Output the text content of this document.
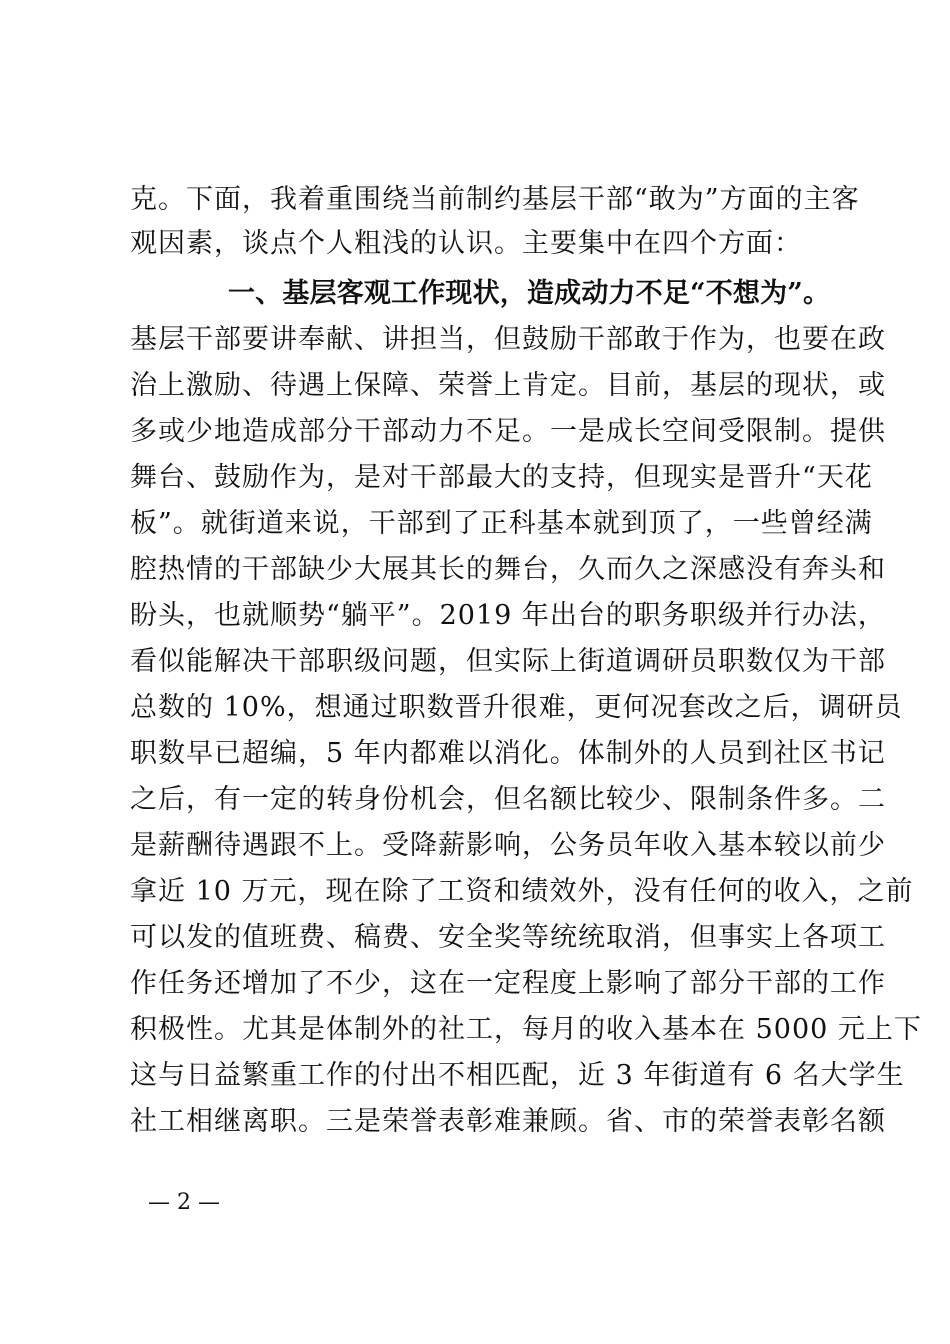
克。下面，我着重围绕当前制约基层干部“敢为”方面的主客
观因素，谈点个人粗浅的认识。主要集中在四个方面：
一、基层客观工作现状，造成动力不足“不想为”。
基层干部要讲奉献、讲担当，但鼓励干部敢于作为，也要在政
治上激励、待遇上保障、荣誉上肯定。目前，基层的现状，或
多或少地造成部分干部动力不足。一是成长空间受限制。提供
舞台、鼓励作为，是对干部最大的支持，但现实是晋升“天花
板”。就街道来说，干部到了正科基本就到顶了，一些曾经满
腔热情的干部缺少大展其长的舞台，久而久之深感没有奔头和
盼头，也就顺势“躺平”。2019 年出台的职务职级并行办法，
看似能解决干部职级问题，但实际上街道调研员职数仅为干部
总数的 10%，想通过职数晋升很难，更何况套改之后，调研员
职数早已超编，5 年内都难以消化。体制外的人员到社区书记
之后，有一定的转身份机会，但名额比较少、限制条件多。二
是薪酬待遇跟不上。受降薪影响，公务员年收入基本较以前少
拿近 10 万元，现在除了工资和绩效外，没有任何的收入，之前
可以发的值班费、稿费、安全奖等统统取消，但事实上各项工
作任务还增加了不少，这在一定程度上影响了部分干部的工作
积极性。尤其是体制外的社工，每月的收入基本在 5000 元上下
这与日益繁重工作的付出不相匹配，近 3 年街道有 6 名大学生
社工相继离职。三是荣誉表彰难兼顾。省、市的荣誉表彰名额
— 2 —
